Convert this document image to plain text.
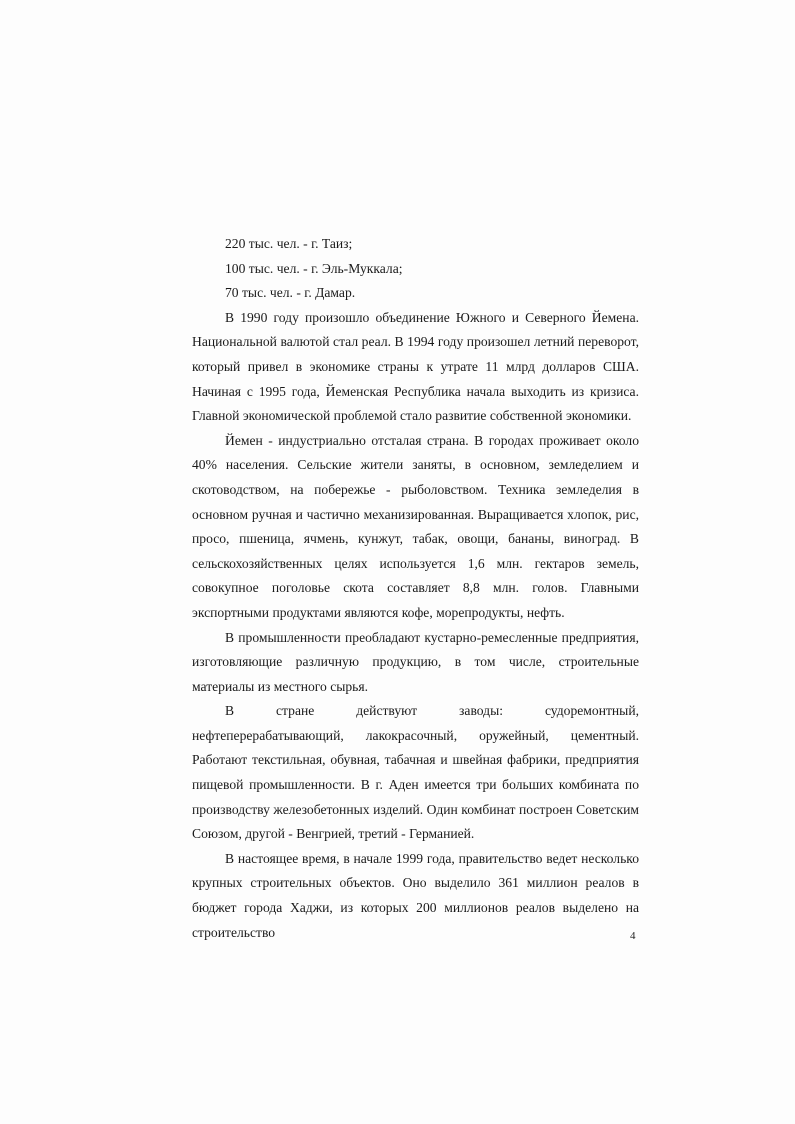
220 тыс. чел. - г. Таиз;
100 тыс. чел. - г. Эль-Муккала;
70 тыс. чел. - г. Дамар.

В 1990 году произошло объединение Южного и Северного Йемена. Национальной валютой стал реал. В 1994 году произошел летний переворот, который привел в экономике страны к утрате 11 млрд долларов США. Начиная с 1995 года, Йеменская Республика начала выходить из кризиса. Главной экономической проблемой стало развитие собственной экономики.

Йемен - индустриально отсталая страна. В городах проживает около 40% населения. Сельские жители заняты, в основном, земледелием и скотоводством, на побережье - рыболовством. Техника земледелия в основном ручная и частично механизированная. Выращивается хлопок, рис, просо, пшеница, ячмень, кунжут, табак, овощи, бананы, виноград. В сельскохозяйственных целях используется 1,6 млн. гектаров земель, совокупное поголовье скота составляет 8,8 млн. голов. Главными экспортными продуктами являются кофе, морепродукты, нефть.

В промышленности преобладают кустарно-ремесленные предприятия, изготовляющие различную продукцию, в том числе, строительные материалы из местного сырья.

В стране действуют заводы: судоремонтный, нефтеперерабатывающий, лакокрасочный, оружейный, цементный. Работают текстильная, обувная, табачная и швейная фабрики, предприятия пищевой промышленности. В г. Аден имеется три больших комбината по производству железобетонных изделий. Один комбинат построен Советским Союзом, другой - Венгрией, третий - Германией.

В настоящее время, в начале 1999 года, правительство ведет несколько крупных строительных объектов. Оно выделило 361 миллион реалов в бюджет города Хаджи, из которых 200 миллионов реалов выделено на строительство	4
